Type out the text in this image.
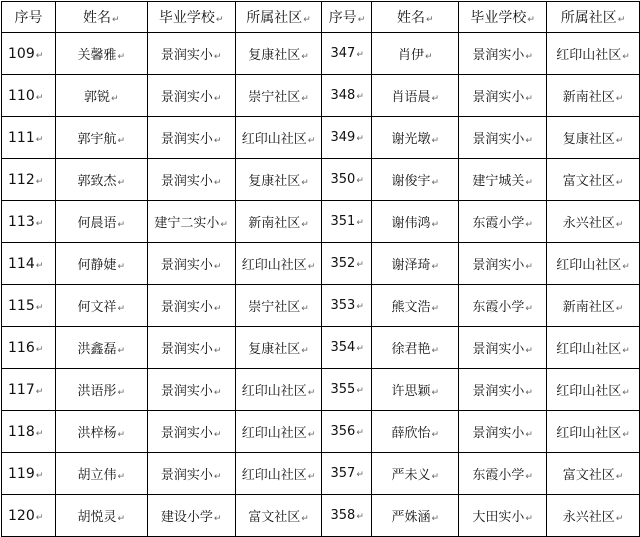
序号	姓名↵	毕业学校↵	所属社区↵	序号↵	姓名↵	毕业学校↵	所属社区↵
109↵	关馨雅↵	景润实小↵	复康社区↵	347↵	肖伊↵	景润实小↵	红印山社区↵
110↵	郭锐↵	景润实小↵	崇宁社区↵	348↵	肖语晨↵	景润实小↵	新南社区↵
111↵	郭宇航↵	景润实小↵	红印山社区↵	349↵	谢光墩↵	景润实小↵	复康社区↵
112↵	郭致杰↵	景润实小↵	复康社区↵	350↵	谢俊宇↵	建宁城关↵	富文社区↵
113↵	何晨语↵	建宁二实小↵	新南社区↵	351↵	谢伟鸿↵	东霞小学↵	永兴社区↵
114↵	何静婕↵	景润实小↵	红印山社区↵	352↵	谢泽琦↵	景润实小↵	红印山社区↵
115↵	何文祥↵	景润实小↵	崇宁社区↵	353↵	熊文浩↵	东霞小学↵	新南社区↵
116↵	洪鑫磊↵	景润实小↵	复康社区↵	354↵	徐君艳↵	景润实小↵	红印山社区↵
117↵	洪语彤↵	景润实小↵	红印山社区↵	355↵	许思颖↵	景润实小↵	红印山社区↵
118↵	洪梓杨↵	景润实小↵	红印山社区↵	356↵	薛欣怡↵	景润实小↵	红印山社区↵
119↵	胡立伟↵	景润实小↵	红印山社区↵	357↵	严未义↵	东霞小学↵	富文社区↵
120↵	胡悦灵↵	建设小学↵	富文社区↵	358↵	严姝涵↵	大田实小↵	永兴社区↵
